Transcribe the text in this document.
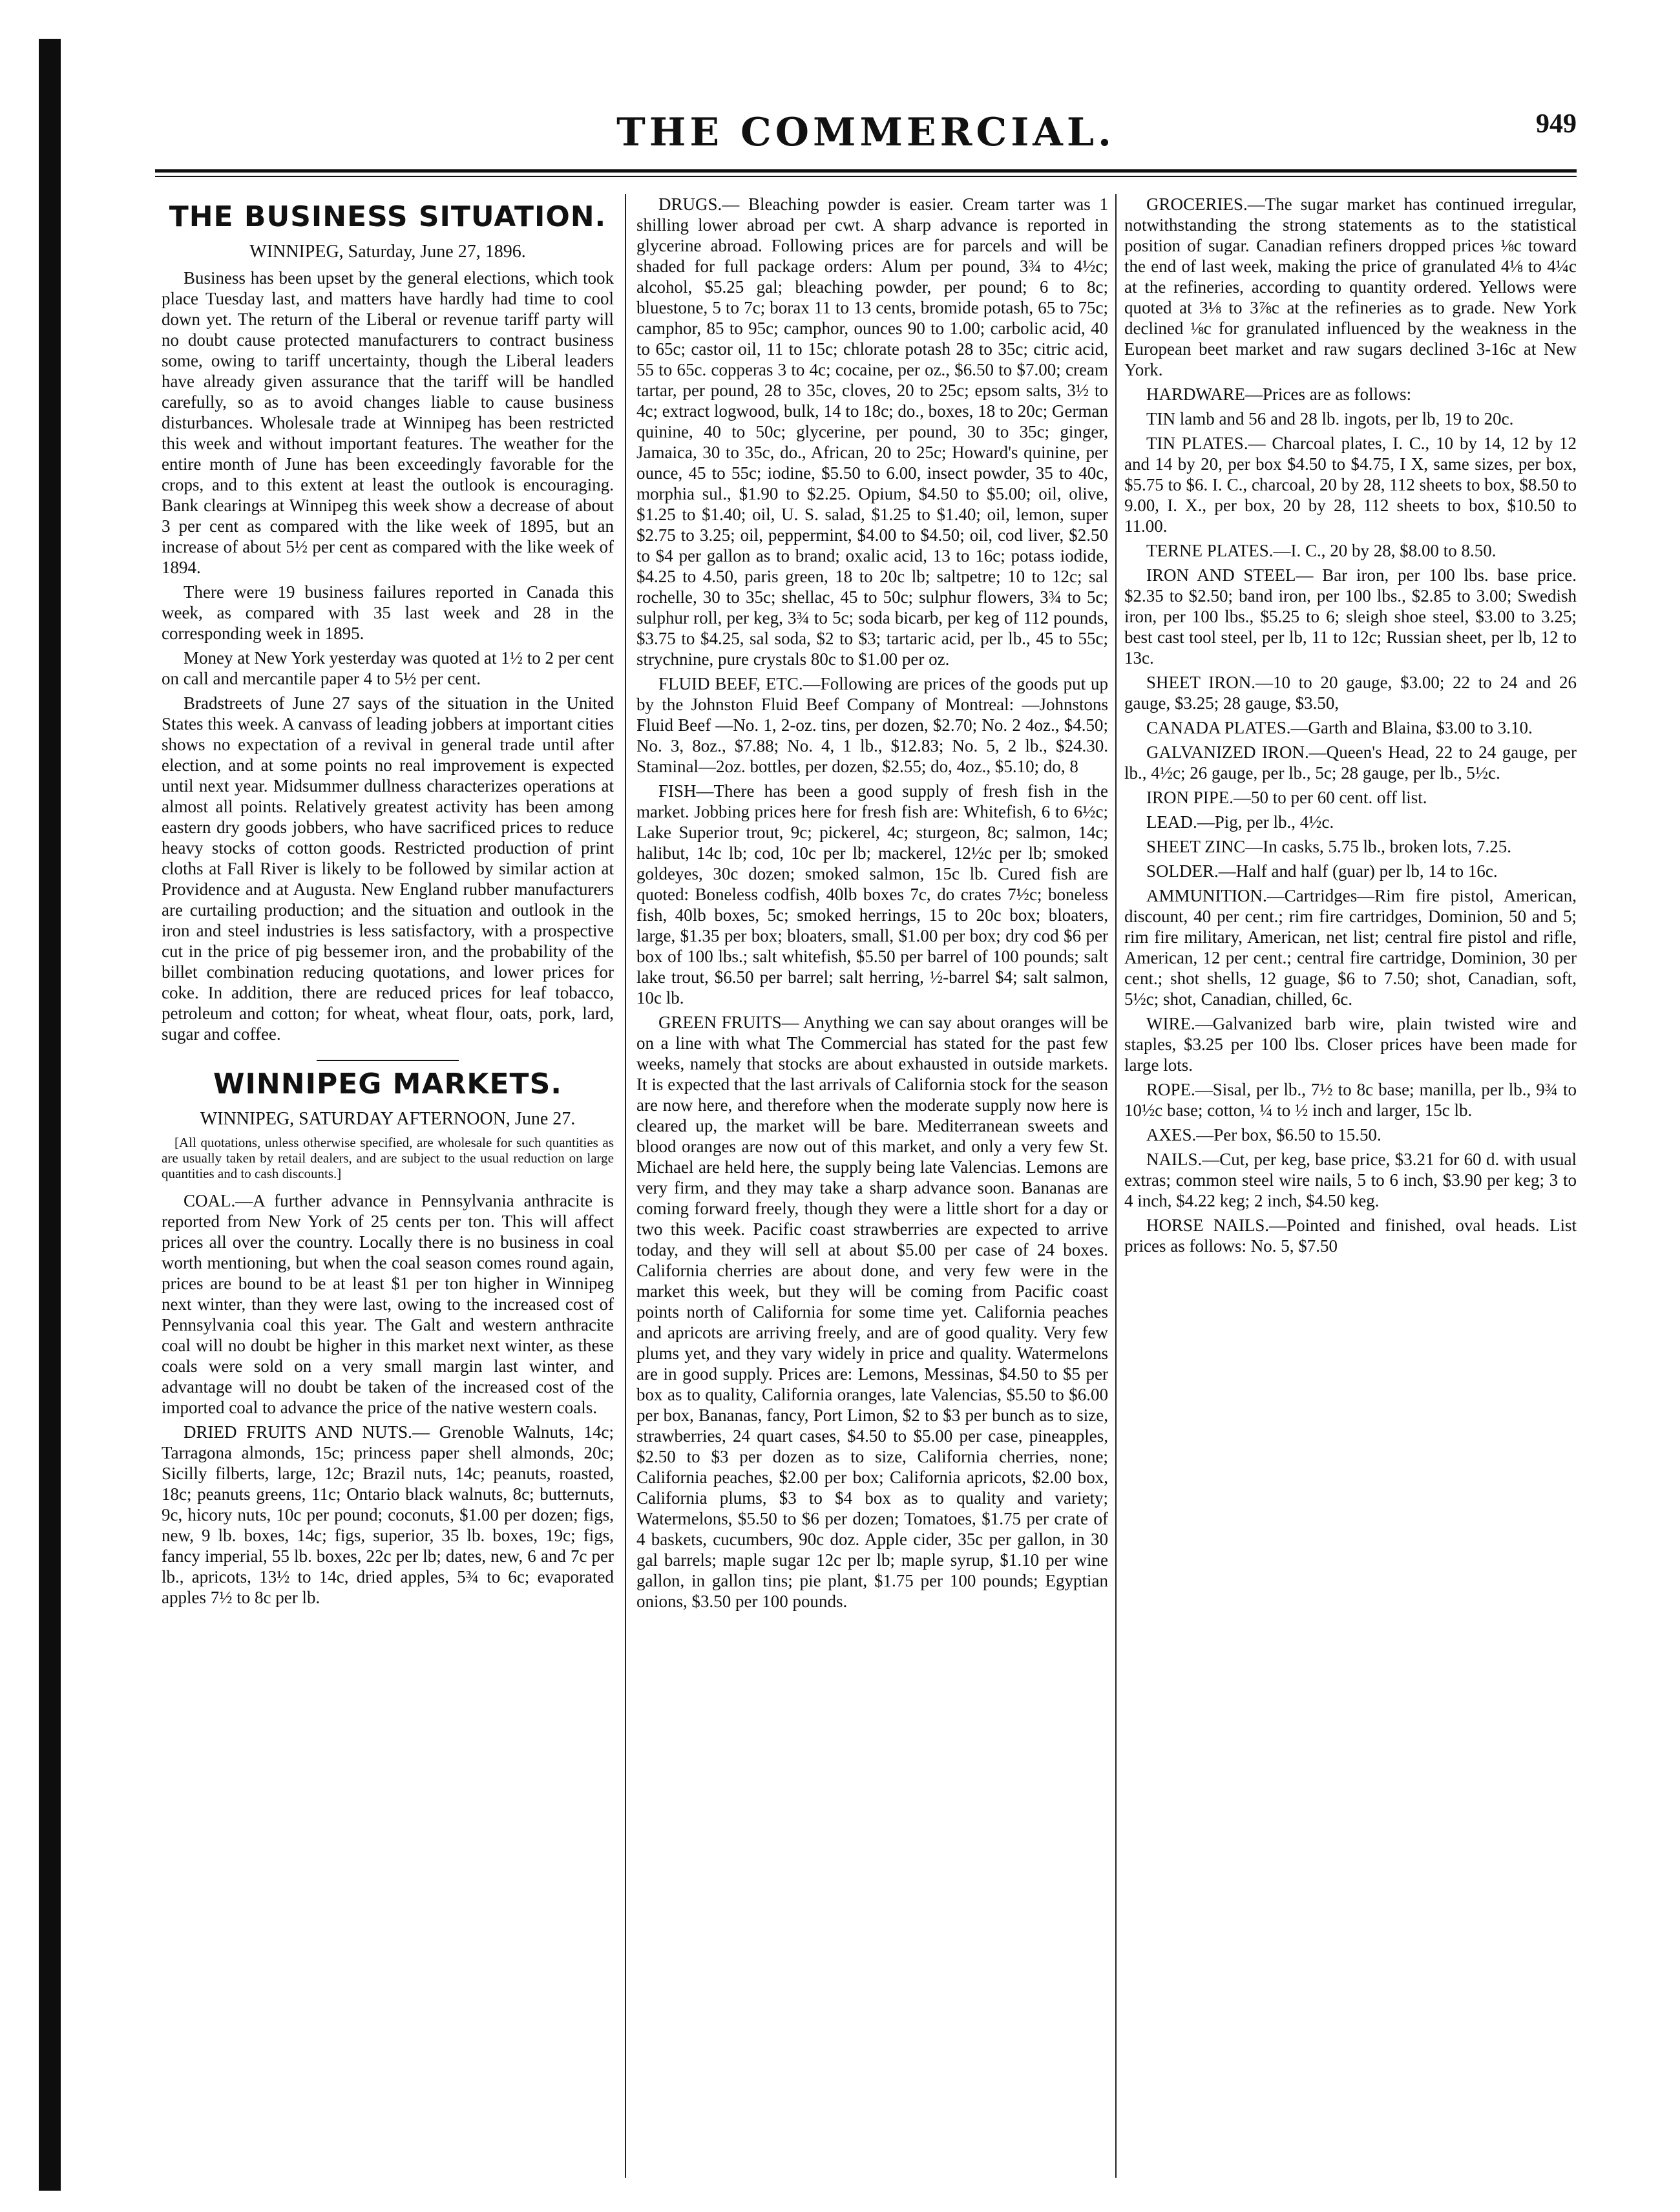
THE COMMERCIAL.	949
THE BUSINESS SITUATION.
WINNIPEG, Saturday, June 27, 1896.

Business has been upset by the general elections, which took place Tuesday last, and matters have hardly had time to cool down yet. The return of the Liberal or revenue tariff party will no doubt cause protected manufacturers to contract business some, owing to tariff uncertainty, though the Liberal leaders have already given assurance that the tariff will be handled carefully, so as to avoid changes liable to cause business disturbances. Wholesale trade at Winnipeg has been restricted this week and without important features. The weather for the entire month of June has been exceedingly favorable for the crops, and to this extent at least the outlook is encouraging. Bank clearings at Winnipeg this week show a decrease of about 3 per cent as compared with the like week of 1895, but an increase of about 5½ per cent as compared with the like week of 1894.

There were 19 business failures reported in Canada this week, as compared with 35 last week and 28 in the corresponding week in 1895.

Money at New York yesterday was quoted at 1½ to 2 per cent on call and mercantile paper 4 to 5½ per cent.

Bradstreets of June 27 says of the situation in the United States this week. A canvass of leading jobbers at important cities shows no expectation of a revival in general trade until after election, and at some points no real improvement is expected until next year. Midsummer dullness characterizes operations at almost all points. Relatively greatest activity has been among eastern dry goods jobbers, who have sacrificed prices to reduce heavy stocks of cotton goods. Restricted production of print cloths at Fall River is likely to be followed by similar action at Providence and at Augusta. New England rubber manufacturers are curtailing production; and the situation and outlook in the iron and steel industries is less satisfactory, with a prospective cut in the price of pig bessemer iron, and the probability of the billet combination reducing quotations, and lower prices for coke. In addition, there are reduced prices for leaf tobacco, petroleum and cotton; for wheat, wheat flour, oats, pork, lard, sugar and coffee.

WINNIPEG MARKETS.
WINNIPEG, SATURDAY AFTERNOON, June 27.
[All quotations, unless otherwise specified, are wholesale for such quantities as are usually taken by retail dealers, and are subject to the usual reduction on large quantities and to cash discounts.]

COAL.—A further advance in Pennsylvania anthracite is reported from New York of 25 cents per ton. This will affect prices all over the country. Locally there is no business in coal worth mentioning, but when the coal season comes round again, prices are bound to be at least $1 per ton higher in Winnipeg next winter, than they were last, owing to the increased cost of Pennsylvania coal this year. The Galt and western anthracite coal will no doubt be higher in this market next winter, as these coals were sold on a very small margin last winter, and advantage will no doubt be taken of the increased cost of the imported coal to advance the price of the native western coals.

DRIED FRUITS AND NUTS.— Grenoble Walnuts, 14c; Tarragona almonds, 15c; princess paper shell almonds, 20c; Sicilly filberts, large, 12c; Brazil nuts, 14c; peanuts, roasted, 18c; peanuts greens, 11c; Ontario black walnuts, 8c; butternuts, 9c, hicory nuts, 10c per pound; coconuts, $1.00 per dozen; figs, new, 9 lb. boxes, 14c; figs, superior, 35 lb. boxes, 19c; figs, fancy imperial, 55 lb. boxes, 22c per lb; dates, new, 6 and 7c per lb., apricots, 13½ to 14c, dried apples, 5¾ to 6c; evaporated apples 7½ to 8c per lb.

DRUGS.— Bleaching powder is easier. Cream tarter was 1 shilling lower abroad per cwt. A sharp advance is reported in glycerine abroad. Following prices are for parcels and will be shaded for full package orders: Alum per pound, 3¾ to 4½c; alcohol, $5.25 gal; bleaching powder, per pound; 6 to 8c; bluestone, 5 to 7c; borax 11 to 13 cents, bromide potash, 65 to 75c; camphor, 85 to 95c; camphor, ounces 90 to 1.00; carbolic acid, 40 to 65c; castor oil, 11 to 15c; chlorate potash 28 to 35c; citric acid, 55 to 65c. copperas 3 to 4c; cocaine, per oz., $6.50 to $7.00; cream tartar, per pound, 28 to 35c, cloves, 20 to 25c; epsom salts, 3½ to 4c; extract logwood, bulk, 14 to 18c; do., boxes, 18 to 20c; German quinine, 40 to 50c; glycerine, per pound, 30 to 35c; ginger, Jamaica, 30 to 35c, do., African, 20 to 25c; Howard's quinine, per ounce, 45 to 55c; iodine, $5.50 to 6.00, insect powder, 35 to 40c, morphia sul., $1.90 to $2.25. Opium, $4.50 to $5.00; oil, olive, $1.25 to $1.40; oil, U. S. salad, $1.25 to $1.40; oil, lemon, super $2.75 to 3.25; oil, peppermint, $4.00 to $4.50; oil, cod liver, $2.50 to $4 per gallon as to brand; oxalic acid, 13 to 16c; potass iodide, $4.25 to 4.50, paris green, 18 to 20c lb; saltpetre; 10 to 12c; sal rochelle, 30 to 35c; shellac, 45 to 50c; sulphur flowers, 3¾ to 5c; sulphur roll, per keg, 3¾ to 5c; soda bicarb, per keg of 112 pounds, $3.75 to $4.25, sal soda, $2 to $3; tartaric acid, per lb., 45 to 55c; strychnine, pure crystals 80c to $1.00 per oz.

FLUID BEEF, ETC.—Following are prices of the goods put up by the Johnston Fluid Beef Company of Montreal: —Johnstons Fluid Beef —No. 1, 2-oz. tins, per dozen, $2.70; No. 2 4oz., $4.50; No. 3, 8oz., $7.88; No. 4, 1 lb., $12.83; No. 5, 2 lb., $24.30. Staminal—2oz. bottles, per dozen, $2.55; do, 4oz., $5.10; do, 8

FISH—There has been a good supply of fresh fish in the market. Jobbing prices here for fresh fish are: Whitefish, 6 to 6½c; Lake Superior trout, 9c; pickerel, 4c; sturgeon, 8c; salmon, 14c; halibut, 14c lb; cod, 10c per lb; mackerel, 12½c per lb; smoked goldeyes, 30c dozen; smoked salmon, 15c lb. Cured fish are quoted: Boneless codfish, 40lb boxes 7c, do crates 7½c; boneless fish, 40lb boxes, 5c; smoked herrings, 15 to 20c box; bloaters, large, $1.35 per box; bloaters, small, $1.00 per box; dry cod $6 per box of 100 lbs.; salt whitefish, $5.50 per barrel of 100 pounds; salt lake trout, $6.50 per barrel; salt herring, ½-barrel $4; salt salmon, 10c lb.

GREEN FRUITS— Anything we can say about oranges will be on a line with what The Commercial has stated for the past few weeks, namely that stocks are about exhausted in outside markets. It is expected that the last arrivals of California stock for the season are now here, and therefore when the moderate supply now here is cleared up, the market will be bare. Mediterranean sweets and blood oranges are now out of this market, and only a very few St. Michael are held here, the supply being late Valencias. Lemons are very firm, and they may take a sharp advance soon. Bananas are coming forward freely, though they were a little short for a day or two this week. Pacific coast strawberries are expected to arrive today, and they will sell at about $5.00 per case of 24 boxes. California cherries are about done, and very few were in the market this week, but they will be coming from Pacific coast points north of California for some time yet. California peaches and apricots are arriving freely, and are of good quality. Very few plums yet, and they vary widely in price and quality. Watermelons are in good supply. Prices are: Lemons, Messinas, $4.50 to $5 per box as to quality, California oranges, late Valencias, $5.50 to $6.00 per box, Bananas, fancy, Port Limon, $2 to $3 per bunch as to size, strawberries, 24 quart cases, $4.50 to $5.00 per case, pineapples, $2.50 to $3 per dozen as to size, California cherries, none; California peaches, $2.00 per box; California apricots, $2.00 box, California plums, $3 to $4 box as to quality and variety; Watermelons, $5.50 to $6 per dozen; Tomatoes, $1.75 per crate of 4 baskets, cucumbers, 90c doz. Apple cider, 35c per gallon, in 30 gal barrels; maple sugar 12c per lb; maple syrup, $1.10 per wine gallon, in gallon tins; pie plant, $1.75 per 100 pounds; Egyptian onions, $3.50 per 100 pounds.

GROCERIES.—The sugar market has continued irregular, notwithstanding the strong statements as to the statistical position of sugar. Canadian refiners dropped prices ⅛c toward the end of last week, making the price of granulated 4⅛ to 4¼c at the refineries, according to quantity ordered. Yellows were quoted at 3⅛ to 3⅞c at the refineries as to grade. New York declined ⅛c for granulated influenced by the weakness in the European beet market and raw sugars declined 3-16c at New York.

HARDWARE—Prices are as follows:

TIN lamb and 56 and 28 lb. ingots, per lb, 19 to 20c.

TIN PLATES.— Charcoal plates, I. C., 10 by 14, 12 by 12 and 14 by 20, per box $4.50 to $4.75, I X, same sizes, per box, $5.75 to $6. I. C., charcoal, 20 by 28, 112 sheets to box, $8.50 to 9.00, I. X., per box, 20 by 28, 112 sheets to box, $10.50 to 11.00.

TERNE PLATES.—I. C., 20 by 28, $8.00 to 8.50.

IRON AND STEEL— Bar iron, per 100 lbs. base price. $2.35 to $2.50; band iron, per 100 lbs., $2.85 to 3.00; Swedish iron, per 100 lbs., $5.25 to 6; sleigh shoe steel, $3.00 to 3.25; best cast tool steel, per lb, 11 to 12c; Russian sheet, per lb, 12 to 13c.

SHEET IRON.—10 to 20 gauge, $3.00; 22 to 24 and 26 gauge, $3.25; 28 gauge, $3.50,

CANADA PLATES.—Garth and Blaina, $3.00 to 3.10.

GALVANIZED IRON.—Queen's Head, 22 to 24 gauge, per lb., 4½c; 26 gauge, per lb., 5c; 28 gauge, per lb., 5½c.

IRON PIPE.—50 to per 60 cent. off list.

LEAD.—Pig, per lb., 4½c.

SHEET ZINC—In casks, 5.75 lb., broken lots, 7.25.

SOLDER.—Half and half (guar) per lb, 14 to 16c.

AMMUNITION.—Cartridges—Rim fire pistol, American, discount, 40 per cent.; rim fire cartridges, Dominion, 50 and 5; rim fire military, American, net list; central fire pistol and rifle, American, 12 per cent.; central fire cartridge, Dominion, 30 per cent.; shot shells, 12 guage, $6 to 7.50; shot, Canadian, soft, 5½c; shot, Canadian, chilled, 6c.

WIRE.—Galvanized barb wire, plain twisted wire and staples, $3.25 per 100 lbs. Closer prices have been made for large lots.

ROPE.—Sisal, per lb., 7½ to 8c base; manilla, per lb., 9¾ to 10½c base; cotton, ¼ to ½ inch and larger, 15c lb.

AXES.—Per box, $6.50 to 15.50.

NAILS.—Cut, per keg, base price, $3.21 for 60 d. with usual extras; common steel wire nails, 5 to 6 inch, $3.90 per keg; 3 to 4 inch, $4.22 keg; 2 inch, $4.50 keg.

HORSE NAILS.—Pointed and finished, oval heads. List prices as follows: No. 5, $7.50
